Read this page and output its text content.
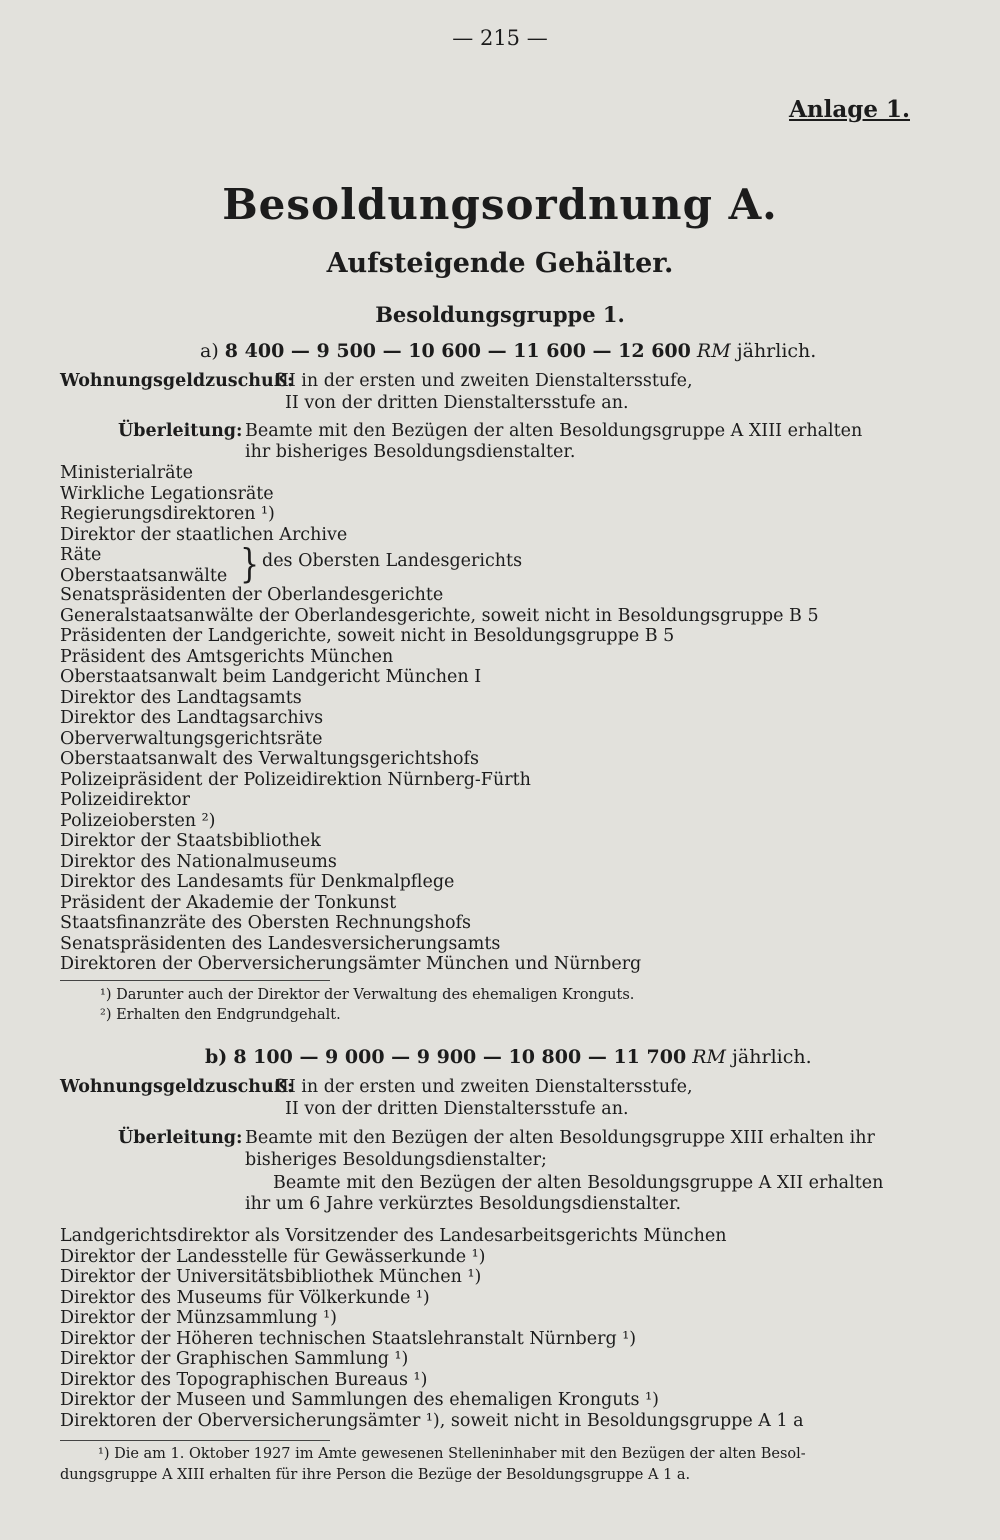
— 215 —
Anlage 1.
Besoldungsordnung A.
Aufsteigende Gehälter.
Besoldungsgruppe 1.
a) 8 400 — 9 500 — 10 600 — 11 600 — 12 600 RM jährlich.
Wohnungsgeldzuschuß:
III in der ersten und zweiten Dienstaltersstufe,
II von der dritten Dienstaltersstufe an.
Überleitung: Beamte mit den Bezügen der alten Besoldungsgruppe A XIII erhalten
ihr bisheriges Besoldungsdienstalter.
Ministerialräte
Wirkliche Legationsräte
Regierungsdirektoren ¹)
Direktor der staatlichen Archive
Räte
Oberstaatsanwälte } des Obersten Landesgerichts
Senatspräsidenten der Oberlandesgerichte
Generalstaatsanwälte der Oberlandesgerichte, soweit nicht in Besoldungsgruppe B 5
Präsidenten der Landgerichte, soweit nicht in Besoldungsgruppe B 5
Präsident des Amtsgerichts München
Oberstaatsanwalt beim Landgericht München I
Direktor des Landtagsamts
Direktor des Landtagsarchivs
Oberverwaltungsgerichtsräte
Oberstaatsanwalt des Verwaltungsgerichtshofs
Polizeipräsident der Polizeidirektion Nürnberg-Fürth
Polizeidirektor
Polizeiobersten ²)
Direktor der Staatsbibliothek
Direktor des Nationalmuseums
Direktor des Landesamts für Denkmalpflege
Präsident der Akademie der Tonkunst
Staatsfinanzräte des Obersten Rechnungshofs
Senatspräsidenten des Landesversicherungsamts
Direktoren der Oberversicherungsämter München und Nürnberg
¹) Darunter auch der Direktor der Verwaltung des ehemaligen Kronguts.
²) Erhalten den Endgrundgehalt.
b) 8 100 — 9 000 — 9 900 — 10 800 — 11 700 RM jährlich.
Wohnungsgeldzuschuß:
III in der ersten und zweiten Dienstaltersstufe,
II von der dritten Dienstaltersstufe an.
Überleitung: Beamte mit den Bezügen der alten Besoldungsgruppe XIII erhalten ihr
bisheriges Besoldungsdienstalter;
Beamte mit den Bezügen der alten Besoldungsgruppe A XII erhalten
ihr um 6 Jahre verkürztes Besoldungsdienstalter.
Landgerichtsdirektor als Vorsitzender des Landesarbeitsgerichts München
Direktor der Landesstelle für Gewässerkunde ¹)
Direktor der Universitätsbibliothek München ¹)
Direktor des Museums für Völkerkunde ¹)
Direktor der Münzsammlung ¹)
Direktor der Höheren technischen Staatslehranstalt Nürnberg ¹)
Direktor der Graphischen Sammlung ¹)
Direktor des Topographischen Bureaus ¹)
Direktor der Museen und Sammlungen des ehemaligen Kronguts ¹)
Direktoren der Oberversicherungsämter ¹), soweit nicht in Besoldungsgruppe A 1 a
¹) Die am 1. Oktober 1927 im Amte gewesenen Stelleninhaber mit den Bezügen der alten Besol-
dungsgruppe A XIII erhalten für ihre Person die Bezüge der Besoldungsgruppe A 1 a.
